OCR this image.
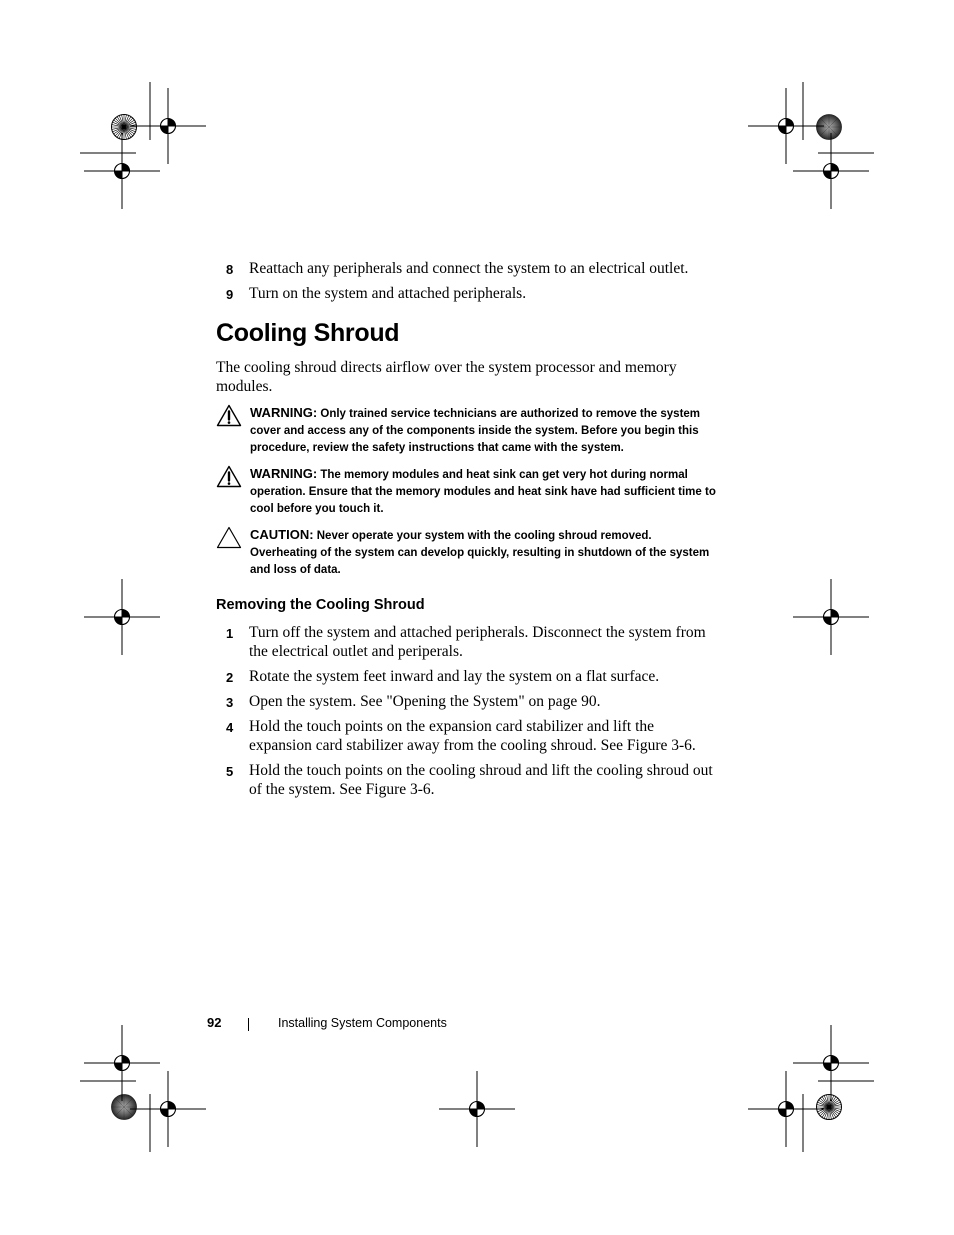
8 Reattach any peripherals and connect the system to an electrical outlet.
9 Turn on the system and attached peripherals.
Cooling Shroud

The cooling shroud directs airflow over the system processor and memory modules.

WARNING: Only trained service technicians are authorized to remove the system cover and access any of the components inside the system. Before you begin this procedure, review the safety instructions that came with the system.
WARNING: The memory modules and heat sink can get very hot during normal operation. Ensure that the memory modules and heat sink have had sufficient time to cool before you touch it.
CAUTION: Never operate your system with the cooling shroud removed. Overheating of the system can develop quickly, resulting in shutdown of the system and loss of data.
Removing the Cooling Shroud
1 Turn off the system and attached peripherals. Disconnect the system from the electrical outlet and periperals.
2 Rotate the system feet inward and lay the system on a flat surface.
3 Open the system. See "Opening the System" on page 90.
4 Hold the touch points on the expansion card stabilizer and lift the expansion card stabilizer away from the cooling shroud. See Figure 3-6.
5 Hold the touch points on the cooling shroud and lift the cooling shroud out of the system. See Figure 3-6.
92	Installing System Components
